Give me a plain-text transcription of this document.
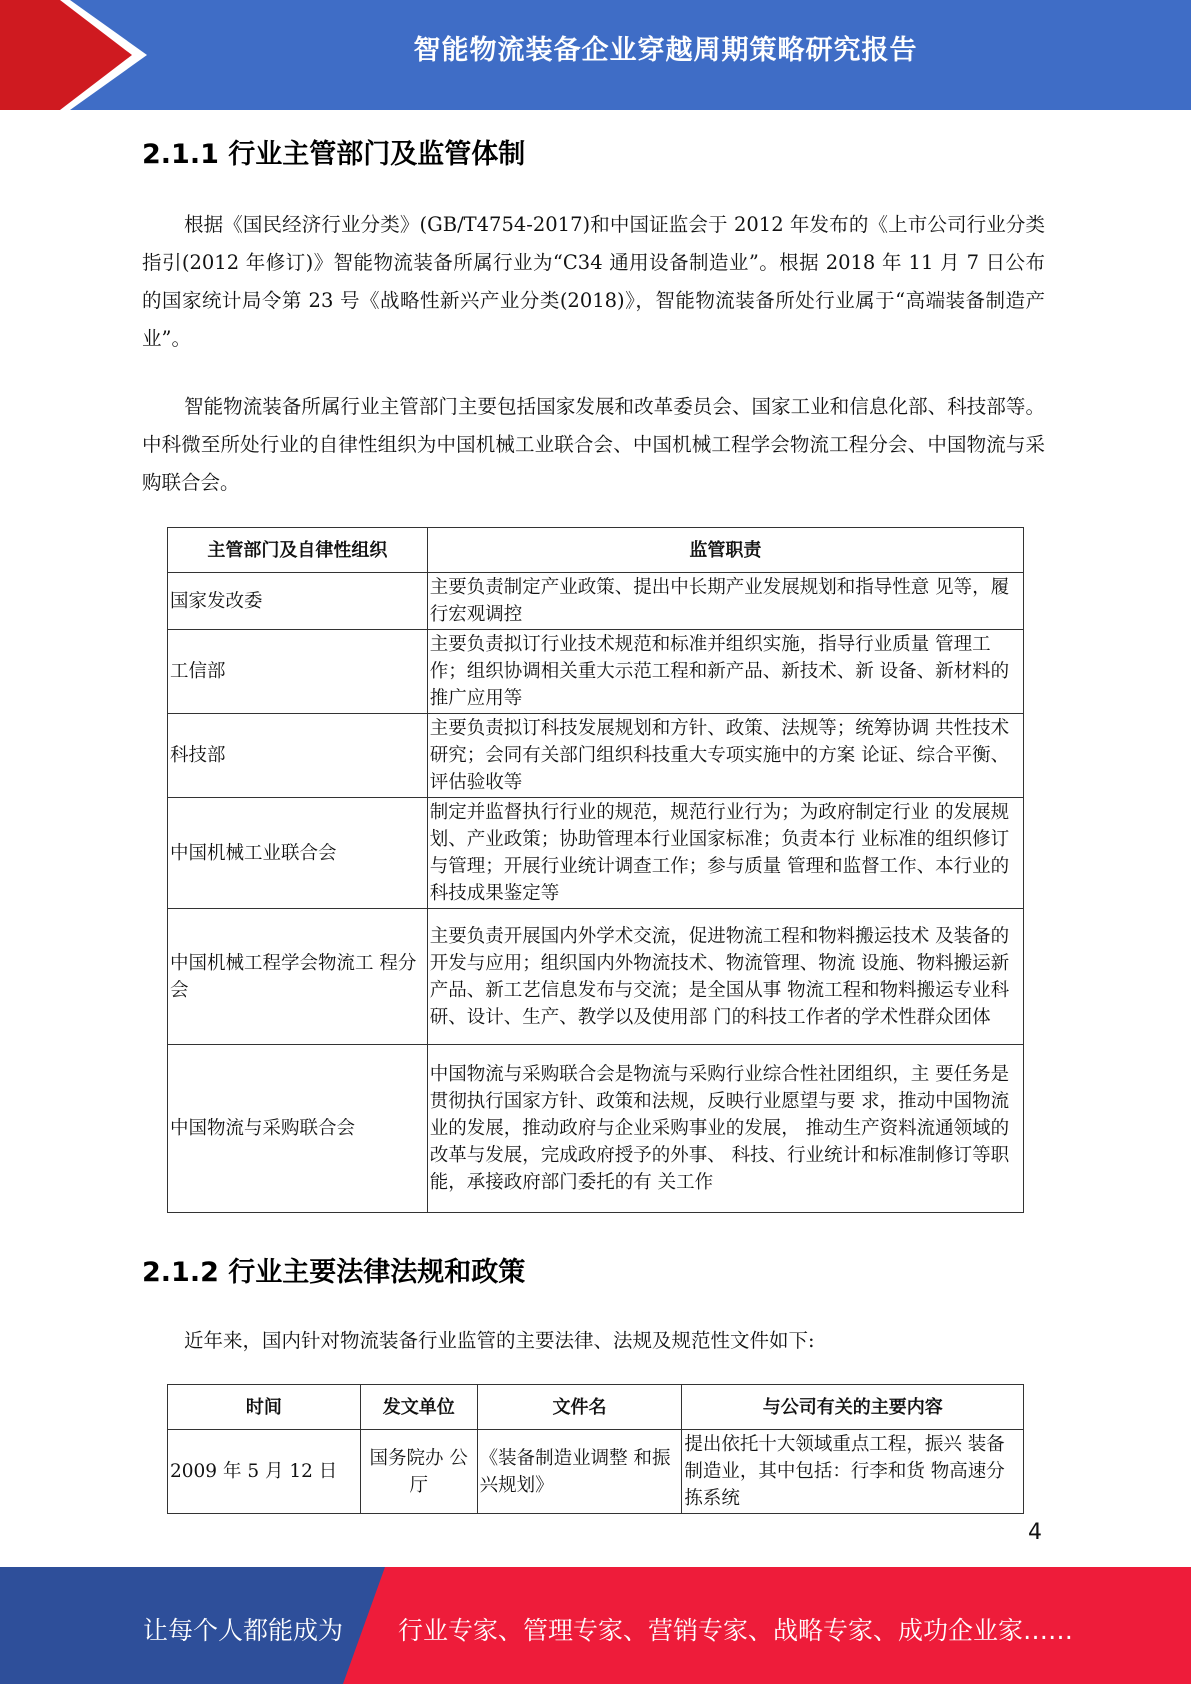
智能物流装备企业穿越周期策略研究报告
2.1.1 行业主管部门及监管体制

根据《国民经济行业分类》(GB/T4754-2017)和中国证监会于 2012 年发布的《上市公司行业分类指引(2012 年修订)》智能物流装备所属行业为“C34 通用设备制造业”。根据 2018 年 11 月 7 日公布的国家统计局令第 23 号《战略性新兴产业分类(2018)》，智能物流装备所处行业属于“高端装备制造产业”。

智能物流装备所属行业主管部门主要包括国家发展和改革委员会、国家工业和信息化部、科技部等。中科微至所处行业的自律性组织为中国机械工业联合会、中国机械工程学会物流工程分会、中国物流与采购联合会。

主管部门及自律性组织	监管职责
国家发改委	主要负责制定产业政策、提出中长期产业发展规划和指导性意 见等，履行宏观调控
工信部	主要负责拟订行业技术规范和标准并组织实施，指导行业质量 管理工作；组织协调相关重大示范工程和新产品、新技术、新 设备、新材料的推广应用等
科技部	主要负责拟订科技发展规划和方针、政策、法规等；统筹协调 共性技术研究；会同有关部门组织科技重大专项实施中的方案 论证、综合平衡、评估验收等
中国机械工业联合会	制定并监督执行行业的规范，规范行业行为；为政府制定行业 的发展规划、产业政策；协助管理本行业国家标准；负责本行 业标准的组织修订与管理；开展行业统计调查工作；参与质量 管理和监督工作、本行业的科技成果鉴定等
中国机械工程学会物流工 程分会	主要负责开展国内外学术交流，促进物流工程和物料搬运技术 及装备的开发与应用；组织国内外物流技术、物流管理、物流 设施、物料搬运新产品、新工艺信息发布与交流；是全国从事 物流工程和物料搬运专业科研、设计、生产、教学以及使用部 门的科技工作者的学术性群众团体
中国物流与采购联合会	中国物流与采购联合会是物流与采购行业综合性社团组织，主 要任务是贯彻执行国家方针、政策和法规，反映行业愿望与要 求，推动中国物流业的发展，推动政府与企业采购事业的发展， 推动生产资料流通领域的改革与发展，完成政府授予的外事、 科技、行业统计和标准制修订等职能，承接政府部门委托的有 关工作
2.1.2 行业主要法律法规和政策

近年来，国内针对物流装备行业监管的主要法律、法规及规范性文件如下:

时间	发文单位	文件名	与公司有关的主要内容
2009 年 5 月 12 日	国务院办 公厅	《装备制造业调整 和振兴规划》	提出依托十大领域重点工程，振兴 装备制造业，其中包括：行李和货 物高速分拣系统
4
让每个人都能成为 行业专家、管理专家、营销专家、战略专家、成功企业家……
